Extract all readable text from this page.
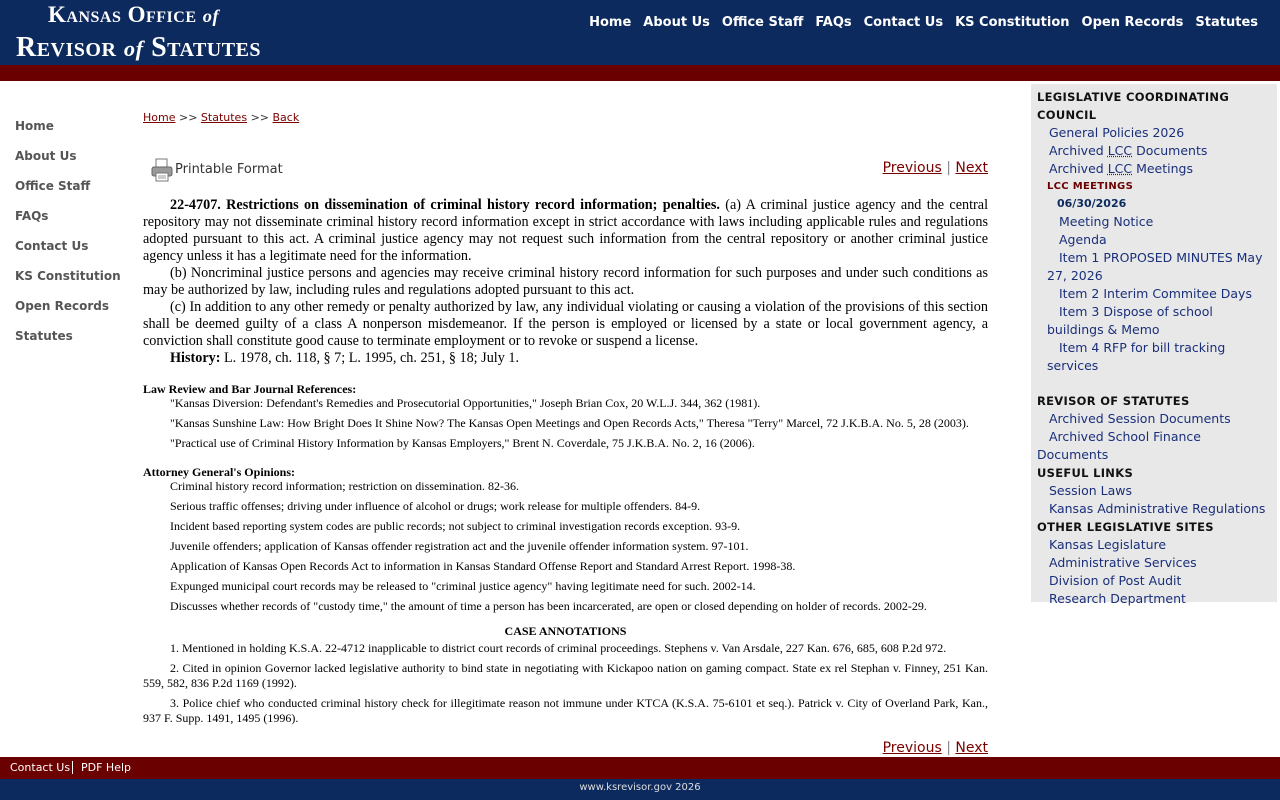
Kansas Office of
Revisor of Statutes
Home About Us Office Staff FAQs Contact Us KS Constitution Open Records Statutes
Home
About Us
Office Staff
FAQs
Contact Us
KS Constitution
Open Records
Statutes
Home >> Statutes >> Back
Printable Format	Previous | Next

22-4707. Restrictions on dissemination of criminal history record information; penalties. (a) A criminal justice agency and the central repository may not disseminate criminal history record information except in strict accordance with laws including applicable rules and regulations adopted pursuant to this act. A criminal justice agency may not request such information from the central repository or another criminal justice agency unless it has a legitimate need for the information.

(b) Noncriminal justice persons and agencies may receive criminal history record information for such purposes and under such conditions as may be authorized by law, including rules and regulations adopted pursuant to this act.

(c) In addition to any other remedy or penalty authorized by law, any individual violating or causing a violation of the provisions of this section shall be deemed guilty of a class A nonperson misdemeanor. If the person is employed or licensed by a state or local government agency, a conviction shall constitute good cause to terminate employment or to revoke or suspend a license.

History: L. 1978, ch. 118, § 7; L. 1995, ch. 251, § 18; July 1.
Law Review and Bar Journal References:
"Kansas Diversion: Defendant's Remedies and Prosecutorial Opportunities," Joseph Brian Cox, 20 W.L.J. 344, 362 (1981).
"Kansas Sunshine Law: How Bright Does It Shine Now? The Kansas Open Meetings and Open Records Acts," Theresa "Terry" Marcel, 72 J.K.B.A. No. 5, 28 (2003).
"Practical use of Criminal History Information by Kansas Employers," Brent N. Coverdale, 75 J.K.B.A. No. 2, 16 (2006).
Attorney General's Opinions:
Criminal history record information; restriction on dissemination. 82-36.
Serious traffic offenses; driving under influence of alcohol or drugs; work release for multiple offenders. 84-9.
Incident based reporting system codes are public records; not subject to criminal investigation records exception. 93-9.
Juvenile offenders; application of Kansas offender registration act and the juvenile offender information system. 97-101.
Application of Kansas Open Records Act to information in Kansas Standard Offense Report and Standard Arrest Report. 1998-38.
Expunged municipal court records may be released to "criminal justice agency" having legitimate need for such. 2002-14.
Discusses whether records of "custody time," the amount of time a person has been incarcerated, are open or closed depending on holder of records. 2002-29.
CASE ANNOTATIONS
1. Mentioned in holding K.S.A. 22-4712 inapplicable to district court records of criminal proceedings. Stephens v. Van Arsdale, 227 Kan. 676, 685, 608 P.2d 972.
2. Cited in opinion Governor lacked legislative authority to bind state in negotiating with Kickapoo nation on gaming compact. State ex rel Stephan v. Finney, 251 Kan. 559, 582, 836 P.2d 1169 (1992).
3. Police chief who conducted criminal history check for illegitimate reason not immune under KTCA (K.S.A. 75-6101 et seq.). Patrick v. City of Overland Park, Kan., 937 F. Supp. 1491, 1495 (1996).
Previous | Next
LEGISLATIVE COORDINATING COUNCIL
General Policies 2026
Archived LCC Documents
Archived LCC Meetings
LCC MEETINGS
06/30/2026
Meeting Notice
Agenda
Item 1 PROPOSED MINUTES May 27, 2026
Item 2 Interim Commitee Days
Item 3 Dispose of school buildings & Memo
Item 4 RFP for bill tracking services
REVISOR OF STATUTES
Archived Session Documents
Archived School Finance Documents
USEFUL LINKS
Session Laws
Kansas Administrative Regulations
OTHER LEGISLATIVE SITES
Kansas Legislature
Administrative Services
Division of Post Audit
Research Department
Contact Us PDF Help
www.ksrevisor.gov 2026
